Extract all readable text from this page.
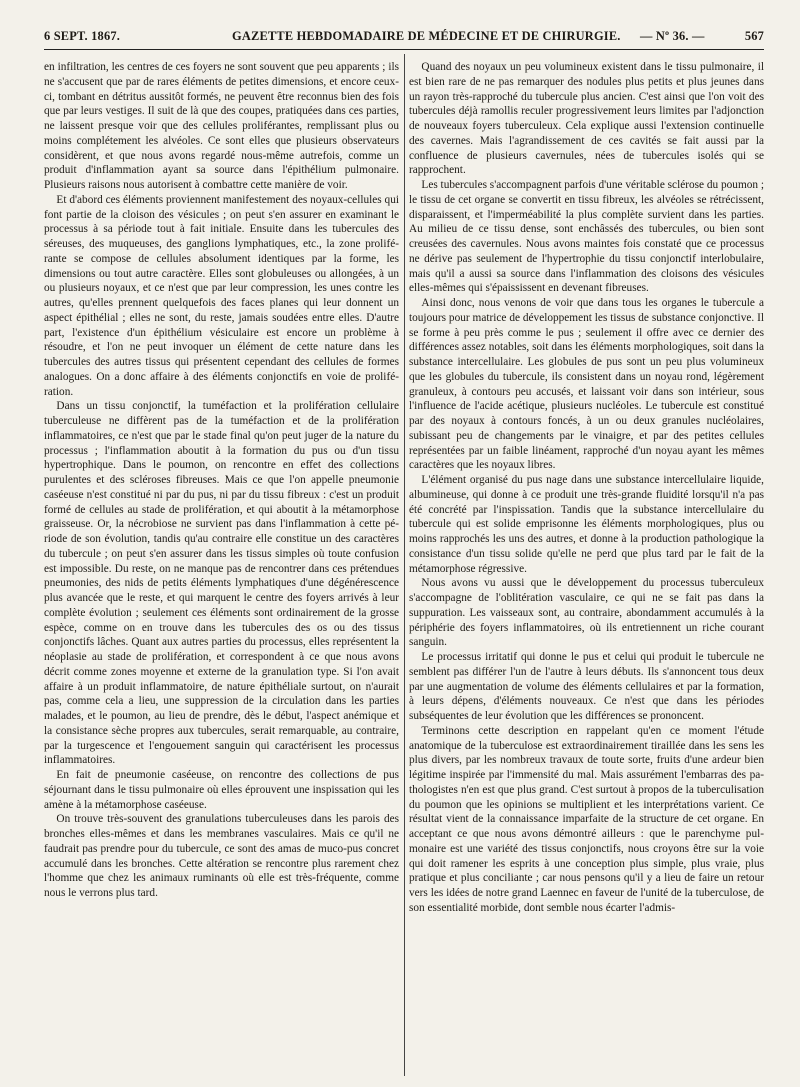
6 SEPT. 1867.	GAZETTE HEBDOMADAIRE DE MÉDECINE ET DE CHIRURGIE. — Nº 36. —	567

en infiltration, les centres de ces foyers ne sont souvent que peu apparents ; ils ne s'accusent que par de rares éléments de petites dimensions, et encore ceux-ci, tombant en détritus aussitôt formés, ne peuvent être reconnus bien des fois que par leurs vestiges. Il suit de là que des coupes, pratiquées dans ces parties, ne laissent presque voir que des cellules proliférantes, remplissant plus ou moins complétement les alvéoles. Ce sont elles que plusieurs observateurs considèrent, et que nous avons regardé nous-même autrefois, comme un produit d'inflammation ayant sa source dans l'épithélium pulmonaire. Plusieurs raisons nous autorisent à combattre cette manière de voir.

Et d'abord ces éléments proviennent manifestement des noyaux-cellules qui font partie de la cloison des vésicules ; on peut s'en assurer en examinant le processus à sa période tout à fait initiale. Ensuite dans les tubercules des séreuses, des muqueuses, des ganglions lymphatiques, etc., la zone proliférante se compose de cellules absolument identiques par la forme, les dimensions ou tout autre caractère. Elles sont globuleuses ou allongées, à un ou plusieurs noyaux, et ce n'est que par leur compression, les unes contre les autres, qu'elles prennent quelquefois des faces planes qui leur donnent un aspect épithélial ; elles ne sont, du reste, jamais soudées entre elles. D'autre part, l'existence d'un épithélium vésiculaire est encore un problème à résoudre, et l'on ne peut invoquer un élément de cette nature dans les tubercules des autres tissus qui présentent cependant des cellules de formes analogues. On a donc affaire à des éléments conjonctifs en voie de prolifération.

Dans un tissu conjonctif, la tuméfaction et la prolifération cellulaire tuberculeuse ne diffèrent pas de la tuméfaction et de la prolifération inflammatoires, ce n'est que par le stade final qu'on peut juger de la nature du processus ; l'inflammation aboutit à la formation du pus ou d'un tissu hypertrophique. Dans le poumon, on rencontre en effet des collections purulentes et des scléroses fibreuses. Mais ce que l'on appelle pneumonie caséeuse n'est constitué ni par du pus, ni par du tissu fibreux : c'est un produit formé de cellules au stade de prolifération, et qui aboutit à la métamorphose graisseuse. Or, la nécrobiose ne survient pas dans l'inflammation à cette période de son évolution, tandis qu'au contraire elle constitue un des caractères du tubercule ; on peut s'en assurer dans les tissus simples où toute confusion est impossible. Du reste, on ne manque pas de rencontrer dans ces prétendues pneumonies, des nids de petits éléments lymphatiques d'une dégénérescence plus avancée que le reste, et qui marquent le centre des foyers arrivés à leur complète évolution ; seulement ces éléments sont ordinairement de la grosse espèce, comme on en trouve dans les tubercules des os ou des tissus conjonctifs lâches. Quant aux autres parties du processus, elles représentent la néoplasie au stade de prolifération, et correspondent à ce que nous avons décrit comme zones moyenne et externe de la granulation type. Si l'on avait affaire à un produit inflammatoire, de nature épithéliale surtout, on n'aurait pas, comme cela a lieu, une suppression de la circulation dans les parties malades, et le poumon, au lieu de prendre, dès le début, l'aspect anémique et la consistance sèche propres aux tubercules, serait remarquable, au contraire, par la turgescence et l'engouement sanguin qui caractérisent les processus inflammatoires.

En fait de pneumonie caséeuse, on rencontre des collections de pus séjournant dans le tissu pulmonaire où elles éprouvent une inspissation qui les amène à la métamorphose caséeuse.

On trouve très-souvent des granulations tuberculeuses dans les parois des bronches elles-mêmes et dans les membranes vasculaires. Mais ce qu'il ne faudrait pas prendre pour du tubercule, ce sont des amas de muco-pus concret accumulé dans les bronches. Cette altération se rencontre plus rarement chez l'homme que chez les animaux ruminants où elle est très-fréquente, comme nous le verrons plus tard.

Quand des noyaux un peu volumineux existent dans le tissu pulmonaire, il est bien rare de ne pas remarquer des nodules plus petits et plus jeunes dans un rayon très-rapproché du tubercule plus ancien. C'est ainsi que l'on voit des tubercules déjà ramollis reculer progressivement leurs limites par l'adjonction de nouveaux foyers tuberculeux. Cela explique aussi l'extension continuelle des cavernes. Mais l'agrandissement de ces cavités se fait aussi par la confluence de plusieurs cavernules, nées de tubercules isolés qui se rapprochent.

Les tubercules s'accompagnent parfois d'une véritable sclérose du poumon ; le tissu de cet organe se convertit en tissu fibreux, les alvéoles se rétrécissent, disparaissent, et l'imperméabilité la plus complète survient dans les parties. Au milieu de ce tissu dense, sont enchâssés des tubercules, ou bien sont creusées des cavernules. Nous avons maintes fois constaté que ce processus ne dérive pas seulement de l'hypertrophie du tissu conjonctif interlobulaire, mais qu'il a aussi sa source dans l'inflammation des cloisons des vésicules elles-mêmes qui s'épaississent en devenant fibreuses.

Ainsi donc, nous venons de voir que dans tous les organes le tubercule a toujours pour matrice de développement les tissus de substance conjonctive. Il se forme à peu près comme le pus ; seulement il offre avec ce dernier des différences assez notables, soit dans les éléments morphologiques, soit dans la substance intercellulaire. Les globules de pus sont un peu plus volumineux que les globules du tubercule, ils consistent dans un noyau rond, légèrement granuleux, à contours peu accusés, et laissant voir dans son intérieur, sous l'influence de l'acide acétique, plusieurs nucléoles. Le tubercule est constitué par des noyaux à contours foncés, à un ou deux granules nucléolaires, subissant peu de changements par le vinaigre, et par des petites cellules représentées par un faible linéament, rapproché d'un noyau ayant les mêmes caractères que les noyaux libres.

L'élément organisé du pus nage dans une substance intercellulaire liquide, albumineuse, qui donne à ce produit une très-grande fluidité lorsqu'il n'a pas été concrété par l'inspissation. Tandis que la substance intercellulaire du tubercule qui est solide emprisonne les éléments morphologiques, plus ou moins rapprochés les uns des autres, et donne à la production pathologique la consistance d'un tissu solide qu'elle ne perd que plus tard par le fait de la métamorphose régressive.

Nous avons vu aussi que le développement du processus tuberculeux s'accompagne de l'oblitération vasculaire, ce qui ne se fait pas dans la suppuration. Les vaisseaux sont, au contraire, abondamment accumulés à la périphérie des foyers inflammatoires, où ils entretiennent un riche courant sanguin.

Le processus irritatif qui donne le pus et celui qui produit le tubercule ne semblent pas différer l'un de l'autre à leurs débuts. Ils s'annoncent tous deux par une augmentation de volume des éléments cellulaires et par la formation, à leurs dépens, d'éléments nouveaux. Ce n'est que dans les périodes subséquentes de leur évolution que les différences se prononcent.

Terminons cette description en rappelant qu'en ce moment l'étude anatomique de la tuberculose est extraordinairement tiraillée dans les sens les plus divers, par les nombreux travaux de toute sorte, fruits d'une ardeur bien légitime inspirée par l'immensité du mal. Mais assurément l'embarras des pathologistes n'en est que plus grand. C'est surtout à propos de la tuberculisation du poumon que les opinions se multiplient et les interprétations varient. Ce résultat vient de la connaissance imparfaite de la structure de cet organe. En acceptant ce que nous avons démontré ailleurs : que le parenchyme pulmonaire est une variété des tissus conjonctifs, nous croyons être sur la voie qui doit ramener les esprits à une conception plus simple, plus vraie, plus pratique et plus conciliante ; car nous pensons qu'il y a lieu de faire un retour vers les idées de notre grand Laennec en faveur de l'unité de la tuberculose, de son essentialité morbide, dont semble nous écarter l'admis-
